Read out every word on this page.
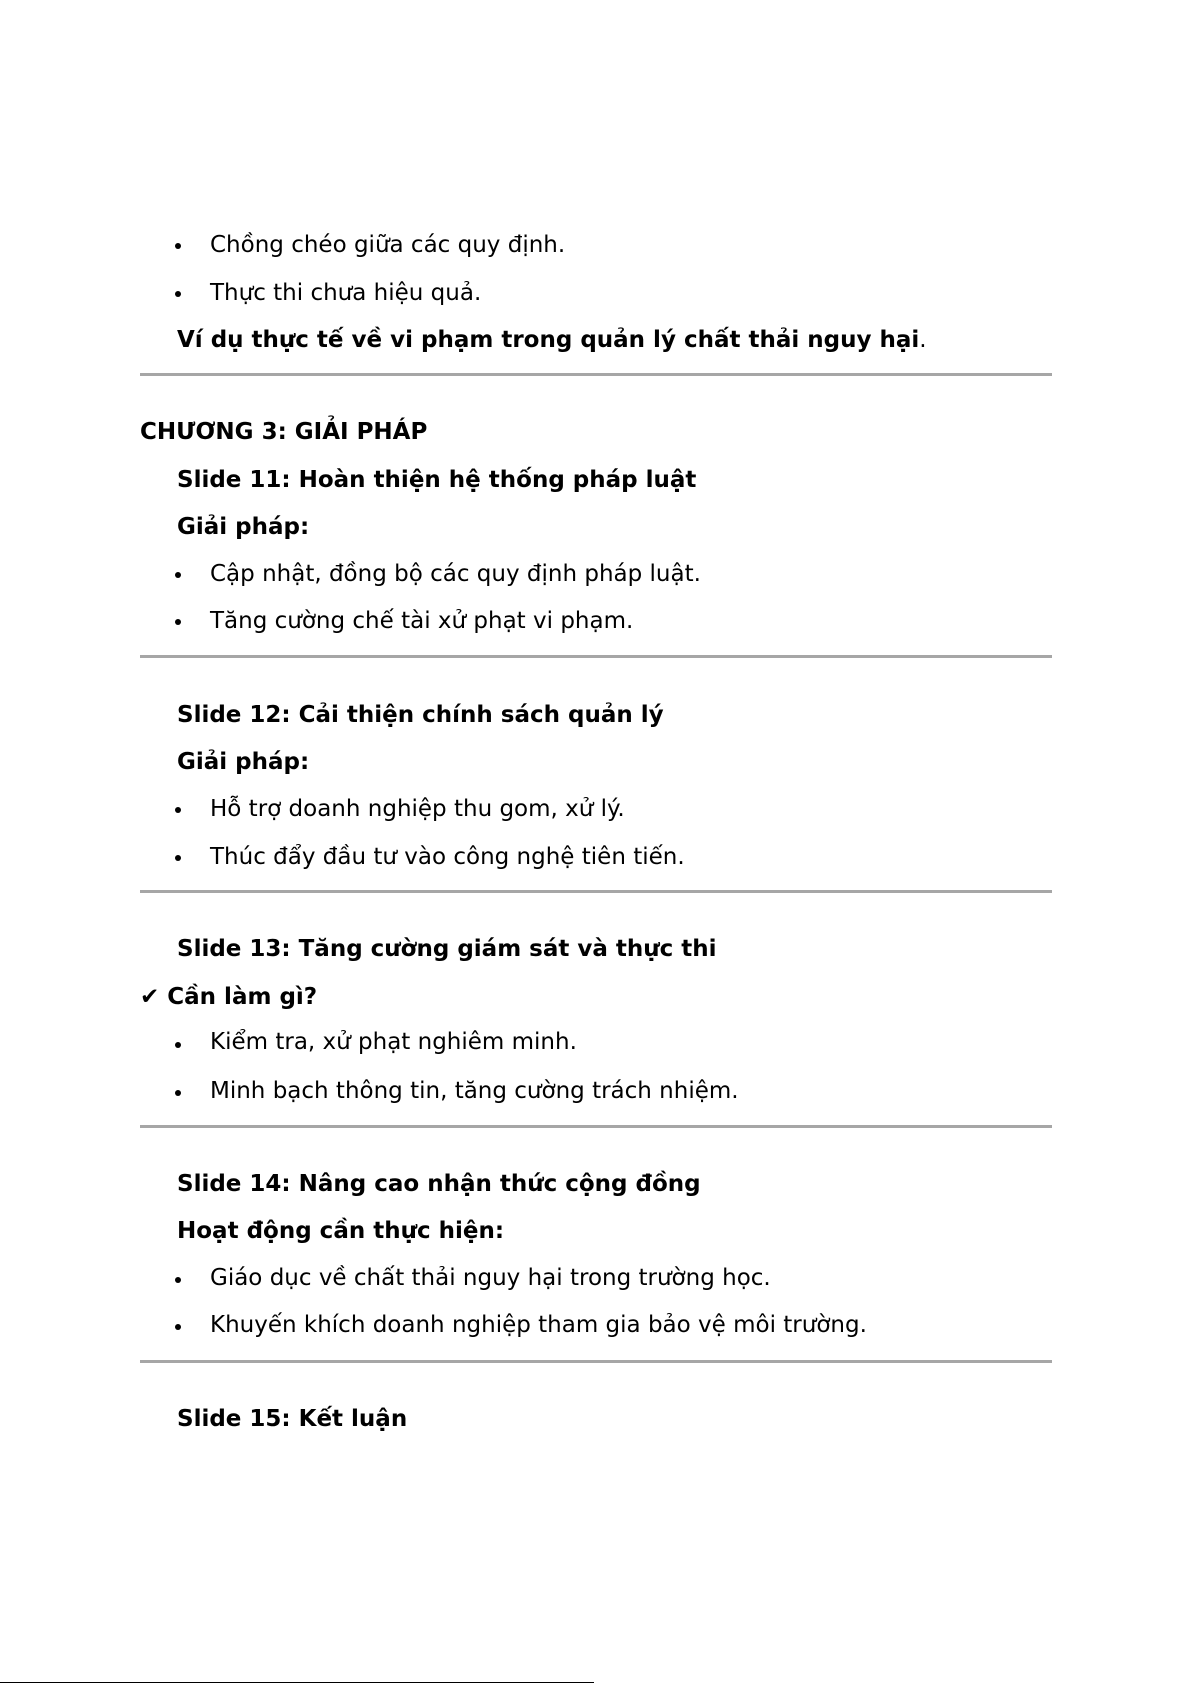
Chồng chéo giữa các quy định.
Thực thi chưa hiệu quả.
Ví dụ thực tế về vi phạm trong quản lý chất thải nguy hại.
CHƯƠNG 3: GIẢI PHÁP
Slide 11: Hoàn thiện hệ thống pháp luật
Giải pháp:
Cập nhật, đồng bộ các quy định pháp luật.
Tăng cường chế tài xử phạt vi phạm.
Slide 12: Cải thiện chính sách quản lý
Giải pháp:
Hỗ trợ doanh nghiệp thu gom, xử lý.
Thúc đẩy đầu tư vào công nghệ tiên tiến.
Slide 13: Tăng cường giám sát và thực thi
✔ Cần làm gì?
Kiểm tra, xử phạt nghiêm minh.
Minh bạch thông tin, tăng cường trách nhiệm.
Slide 14: Nâng cao nhận thức cộng đồng
Hoạt động cần thực hiện:
Giáo dục về chất thải nguy hại trong trường học.
Khuyến khích doanh nghiệp tham gia bảo vệ môi trường.
Slide 15: Kết luận
